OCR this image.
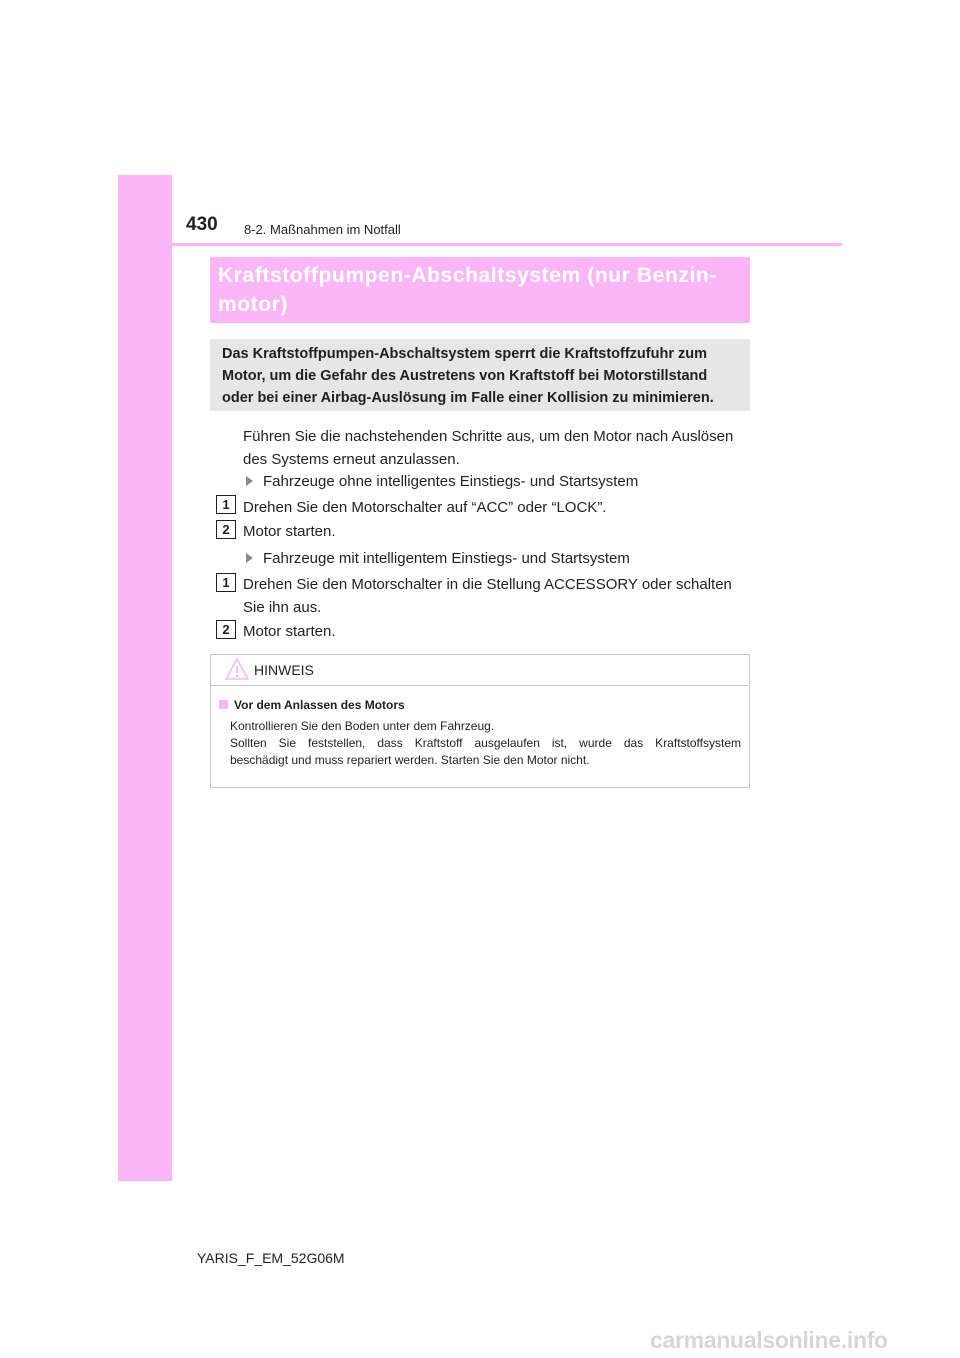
430 8-2. Maßnahmen im Notfall
Kraftstoffpumpen-Abschaltsystem (nur Benzin-
motor)
Das Kraftstoffpumpen-Abschaltsystem sperrt die Kraftstoffzufuhr zum
Motor, um die Gefahr des Austretens von Kraftstoff bei Motorstillstand
oder bei einer Airbag-Auslösung im Falle einer Kollision zu minimieren.
Führen Sie die nachstehenden Schritte aus, um den Motor nach Auslösen
des Systems erneut anzulassen.
Fahrzeuge ohne intelligentes Einstiegs- und Startsystem
1 Drehen Sie den Motorschalter auf “ACC” oder “LOCK”.
2 Motor starten.
Fahrzeuge mit intelligentem Einstiegs- und Startsystem
1 Drehen Sie den Motorschalter in die Stellung ACCESSORY oder schalten
Sie ihn aus.
2 Motor starten.
HINWEIS
Vor dem Anlassen des Motors
Kontrollieren Sie den Boden unter dem Fahrzeug.
Sollten Sie feststellen, dass Kraftstoff ausgelaufen ist, wurde das Kraftstoffsystem
beschädigt und muss repariert werden. Starten Sie den Motor nicht.
YARIS_F_EM_52G06M
carmanualsonline.info
